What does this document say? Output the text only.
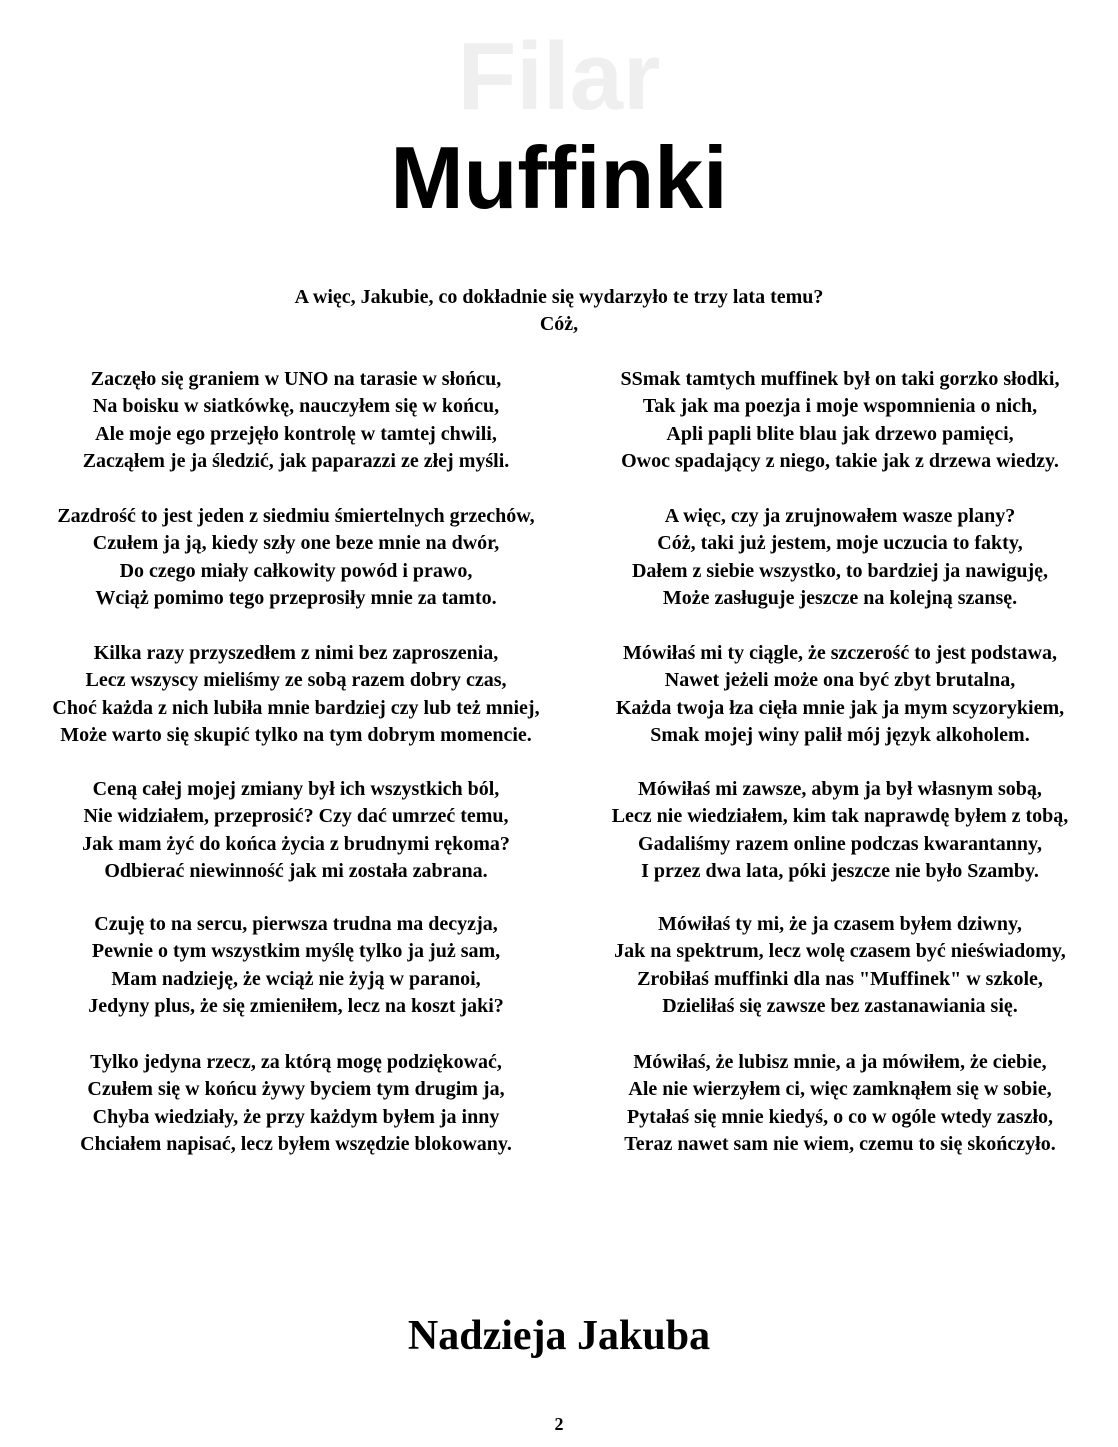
Filar
Muffinki
A więc, Jakubie, co dokładnie się wydarzyło te trzy lata temu?
Cóż,
Zaczęło się graniem w UNO na tarasie w słońcu,
Na boisku w siatkówkę, nauczyłem się w końcu,
Ale moje ego przejęło kontrolę w tamtej chwili,
Zacząłem je ja śledzić, jak paparazzi ze złej myśli.
Zazdrość to jest jeden z siedmiu śmiertelnych grzechów,
Czułem ja ją, kiedy szły one beze mnie na dwór,
Do czego miały całkowity powód i prawo,
Wciąż pomimo tego przeprosiły mnie za tamto.
Kilka razy przyszedłem z nimi bez zaproszenia,
Lecz wszyscy mieliśmy ze sobą razem dobry czas,
Choć każda z nich lubiła mnie bardziej czy lub też mniej,
Może warto się skupić tylko na tym dobrym momencie.
Ceną całej mojej zmiany był ich wszystkich ból,
Nie widziałem, przeprosić? Czy dać umrzeć temu,
Jak mam żyć do końca życia z brudnymi rękoma?
Odbierać niewinność jak mi została zabrana.
Czuję to na sercu, pierwsza trudna ma decyzja,
Pewnie o tym wszystkim myślę tylko ja już sam,
Mam nadzieję, że wciąż nie żyją w paranoi,
Jedyny plus, że się zmieniłem, lecz na koszt jaki?
Tylko jedyna rzecz, za którą mogę podziękować,
Czułem się w końcu żywy byciem tym drugim ja,
Chyba wiedziały, że przy każdym byłem ja inny
Chciałem napisać, lecz byłem wszędzie blokowany.
SSmak tamtych muffinek był on taki gorzko słodki,
Tak jak ma poezja i moje wspomnienia o nich,
Apli papli blite blau jak drzewo pamięci,
Owoc spadający z niego, takie jak z drzewa wiedzy.
A więc, czy ja zrujnowałem wasze plany?
Cóż, taki już jestem, moje uczucia to fakty,
Dałem z siebie wszystko, to bardziej ja nawiguję,
Może zasługuje jeszcze na kolejną szansę.
Mówiłaś mi ty ciągle, że szczerość to jest podstawa,
Nawet jeżeli może ona być zbyt brutalna,
Każda twoja łza cięła mnie jak ja mym scyzorykiem,
Smak mojej winy palił mój język alkoholem.
Mówiłaś mi zawsze, abym ja był własnym sobą,
Lecz nie wiedziałem, kim tak naprawdę byłem z tobą,
Gadaliśmy razem online podczas kwarantanny,
I przez dwa lata, póki jeszcze nie było Szamby.
Mówiłaś ty mi, że ja czasem byłem dziwny,
Jak na spektrum, lecz wolę czasem być nieświadomy,
Zrobiłaś muffinki dla nas "Muffinek" w szkole,
Dzieliłaś się zawsze bez zastanawiania się.
Mówiłaś, że lubisz mnie, a ja mówiłem, że ciebie,
Ale nie wierzyłem ci, więc zamknąłem się w sobie,
Pytałaś się mnie kiedyś, o co w ogóle wtedy zaszło,
Teraz nawet sam nie wiem, czemu to się skończyło.
Nadzieja Jakuba
2
